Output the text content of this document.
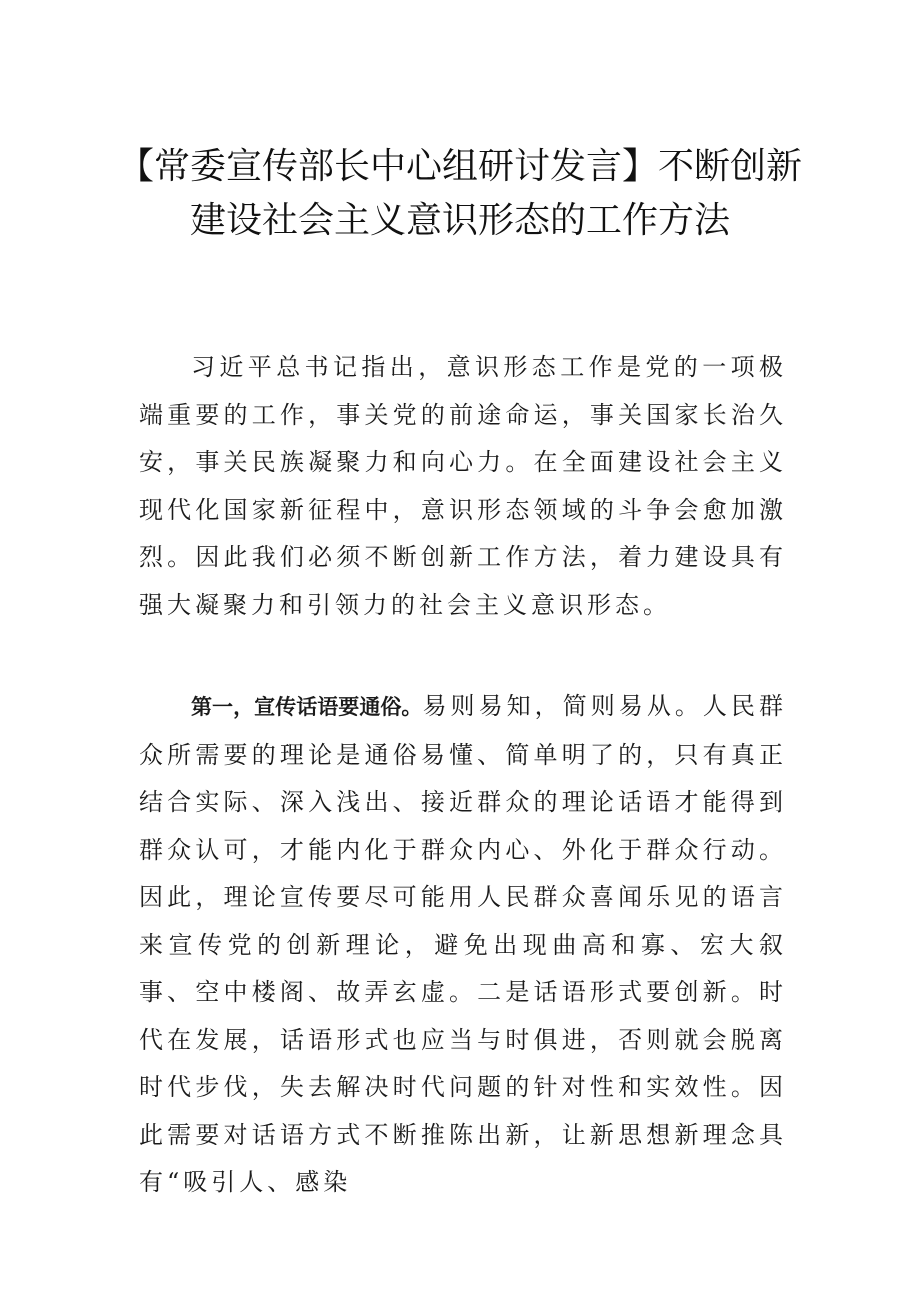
【常委宣传部长中心组研讨发言】不断创新
建设社会主义意识形态的工作方法

习近平总书记指出，意识形态工作是党的一项极端重要的工作，事关党的前途命运，事关国家长治久安，事关民族凝聚力和向心力。在全面建设社会主义现代化国家新征程中，意识形态领域的斗争会愈加激烈。因此我们必须不断创新工作方法，着力建设具有强大凝聚力和引领力的社会主义意识形态。

第一，宣传话语要通俗。易则易知，简则易从。人民群众所需要的理论是通俗易懂、简单明了的，只有真正结合实际、深入浅出、接近群众的理论话语才能得到群众认可，才能内化于群众内心、外化于群众行动。因此，理论宣传要尽可能用人民群众喜闻乐见的语言来宣传党的创新理论，避免出现曲高和寡、宏大叙事、空中楼阁、故弄玄虚。二是话语形式要创新。时代在发展，话语形式也应当与时俱进，否则就会脱离时代步伐，失去解决时代问题的针对性和实效性。因此需要对话语方式不断推陈出新，让新思想新理念具有“吸引人、感染
